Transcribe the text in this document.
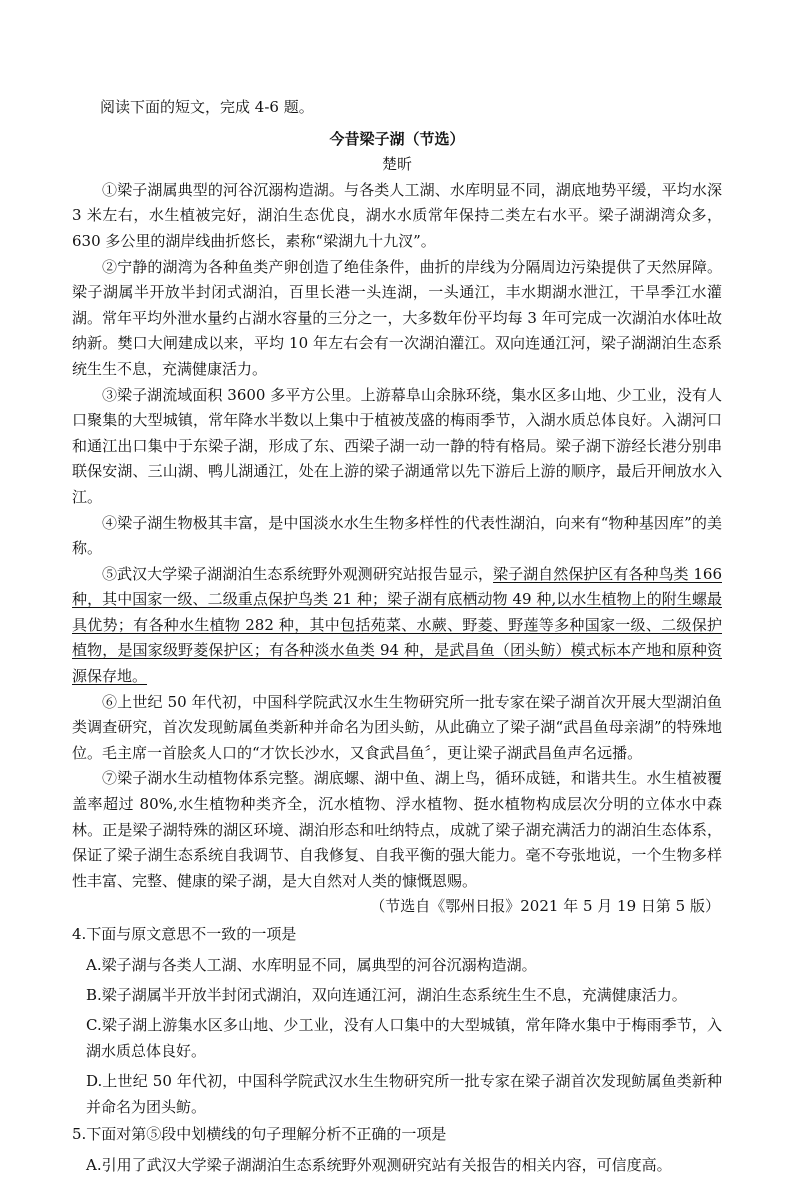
阅读下面的短文，完成 4-6 题。

今昔梁子湖（节选）

楚昕

①梁子湖属典型的河谷沉溺构造湖。与各类人工湖、水库明显不同，湖底地势平缓，平均水深 3 米左右，水生植被完好，湖泊生态优良，湖水水质常年保持二类左右水平。梁子湖湖湾众多，630 多公里的湖岸线曲折悠长，素称“梁湖九十九汊”。

②宁静的湖湾为各种鱼类产卵创造了绝佳条件，曲折的岸线为分隔周边污染提供了天然屏障。梁子湖属半开放半封闭式湖泊，百里长港一头连湖，一头通江，丰水期湖水泄江，干旱季江水灌湖。常年平均外泄水量约占湖水容量的三分之一，大多数年份平均每 3 年可完成一次湖泊水体吐故纳新。樊口大闸建成以来，平均 10 年左右会有一次湖泊灌江。双向连通江河，梁子湖湖泊生态系统生生不息，充满健康活力。

③梁子湖流域面积 3600 多平方公里。上游幕阜山余脉环绕，集水区多山地、少工业，没有人口聚集的大型城镇，常年降水半数以上集中于植被茂盛的梅雨季节，入湖水质总体良好。入湖河口和通江出口集中于东梁子湖，形成了东、西梁子湖一动一静的特有格局。梁子湖下游经长港分别串联保安湖、三山湖、鸭儿湖通江，处在上游的梁子湖通常以先下游后上游的顺序，最后开闸放水入江。

④梁子湖生物极其丰富，是中国淡水水生生物多样性的代表性湖泊，向来有“物种基因库”的美称。

⑤武汉大学梁子湖湖泊生态系统野外观测研究站报告显示，梁子湖自然保护区有各种鸟类 166 种，其中国家一级、二级重点保护鸟类 21 种；梁子湖有底栖动物 49 种,以水生植物上的附生螺最具优势；有各种水生植物 282 种，其中包括苑菜、水蕨、野菱、野莲等多种国家一级、二级保护植物，是国家级野菱保护区；有各种淡水鱼类 94 种，是武昌鱼（团头鲂）模式标本产地和原种资源保存地。

⑥上世纪 50 年代初，中国科学院武汉水生生物研究所一批专家在梁子湖首次开展大型湖泊鱼类调查研究，首次发现鲂属鱼类新种并命名为团头鲂，从此确立了梁子湖“武昌鱼母亲湖”的特殊地位。毛主席一首脍炙人口的“才饮长沙水，又食武昌鱼〞，更让梁子湖武昌鱼声名远播。

⑦梁子湖水生动植物体系完整。湖底螺、湖中鱼、湖上鸟，循环成链，和谐共生。水生植被覆盖率超过 80%,水生植物种类齐全，沉水植物、浮水植物、挺水植物构成层次分明的立体水中森林。正是梁子湖特殊的湖区环境、湖泊形态和吐纳特点，成就了梁子湖充满活力的湖泊生态体系，保证了梁子湖生态系统自我调节、自我修复、自我平衡的强大能力。毫不夸张地说，一个生物多样性丰富、完整、健康的梁子湖，是大自然对人类的慷慨恩赐。

（节选自《鄂州日报》2021 年 5 月 19 日第 5 版）

4.下面与原文意思不一致的一项是

A.梁子湖与各类人工湖、水库明显不同，属典型的河谷沉溺构造湖。

B.梁子湖属半开放半封闭式湖泊，双向连通江河，湖泊生态系统生生不息，充满健康活力。

C.梁子湖上游集水区多山地、少工业，没有人口集中的大型城镇，常年降水集中于梅雨季节，入湖水质总体良好。

D.上世纪 50 年代初，中国科学院武汉水生生物研究所一批专家在梁子湖首次发现鲂属鱼类新种并命名为团头鲂。

5.下面对第⑤段中划横线的句子理解分析不正确的一项是

A.引用了武汉大学梁子湖湖泊生态系统野外观测研究站有关报告的相关内容，可信度高。
